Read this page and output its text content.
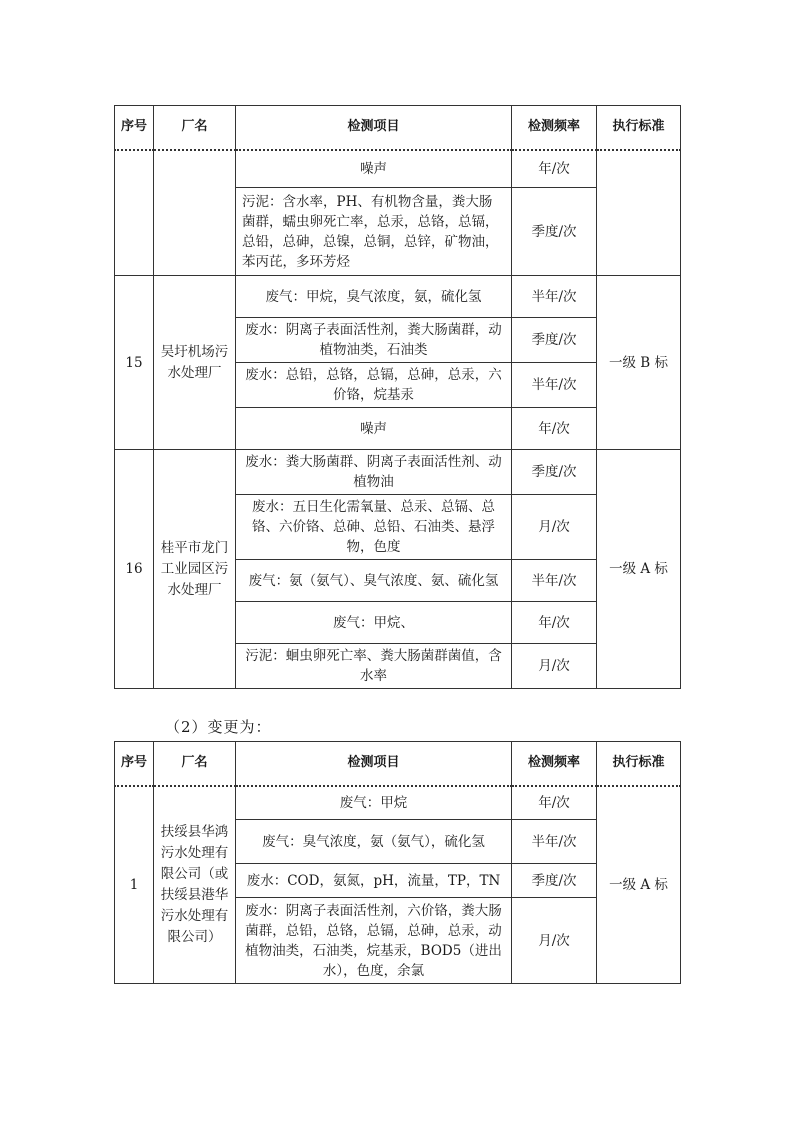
序号	厂名	检测项目	检测频率	执行标准
		噪声	年/次	
		污泥：含水率，PH、有机物含量，粪大肠菌群，蠕虫卵死亡率，总汞，总铬，总镉，总铅，总砷，总镍，总铜，总锌，矿物油，苯丙芘，多环芳烃	季度/次	
15	吴圩机场污水处理厂	废气：甲烷，臭气浓度，氨，硫化氢	半年/次	一级 B 标
		废水：阴离子表面活性剂，粪大肠菌群，动植物油类，石油类	季度/次	
		废水：总铅，总铬，总镉，总砷，总汞，六价铬，烷基汞	半年/次	
		噪声	年/次	
16	桂平市龙门工业园区污水处理厂	废水：粪大肠菌群、阴离子表面活性剂、动植物油	季度/次	一级 A 标
		废水：五日生化需氧量、总汞、总镉、总铬、六价铬、总砷、总铅、石油类、悬浮物，色度	月/次	
		废气：氨（氨气）、臭气浓度、氨、硫化氢	半年/次	
		废气：甲烷、	年/次	
		污泥：蛔虫卵死亡率、粪大肠菌群菌值，含水率	月/次	
（2）变更为：
序号	厂名	检测项目	检测频率	执行标准
1	扶绥县华鸿污水处理有限公司（或扶绥县港华污水处理有限公司）	废气：甲烷	年/次	一级 A 标
		废气：臭气浓度，氨（氨气），硫化氢	半年/次	
		废水：COD，氨氮，pH，流量，TP，TN	季度/次	
		废水：阴离子表面活性剂，六价铬，粪大肠菌群，总铅，总铬，总镉，总砷，总汞，动植物油类，石油类，烷基汞，BOD5（进出水），色度，余氯	月/次	
